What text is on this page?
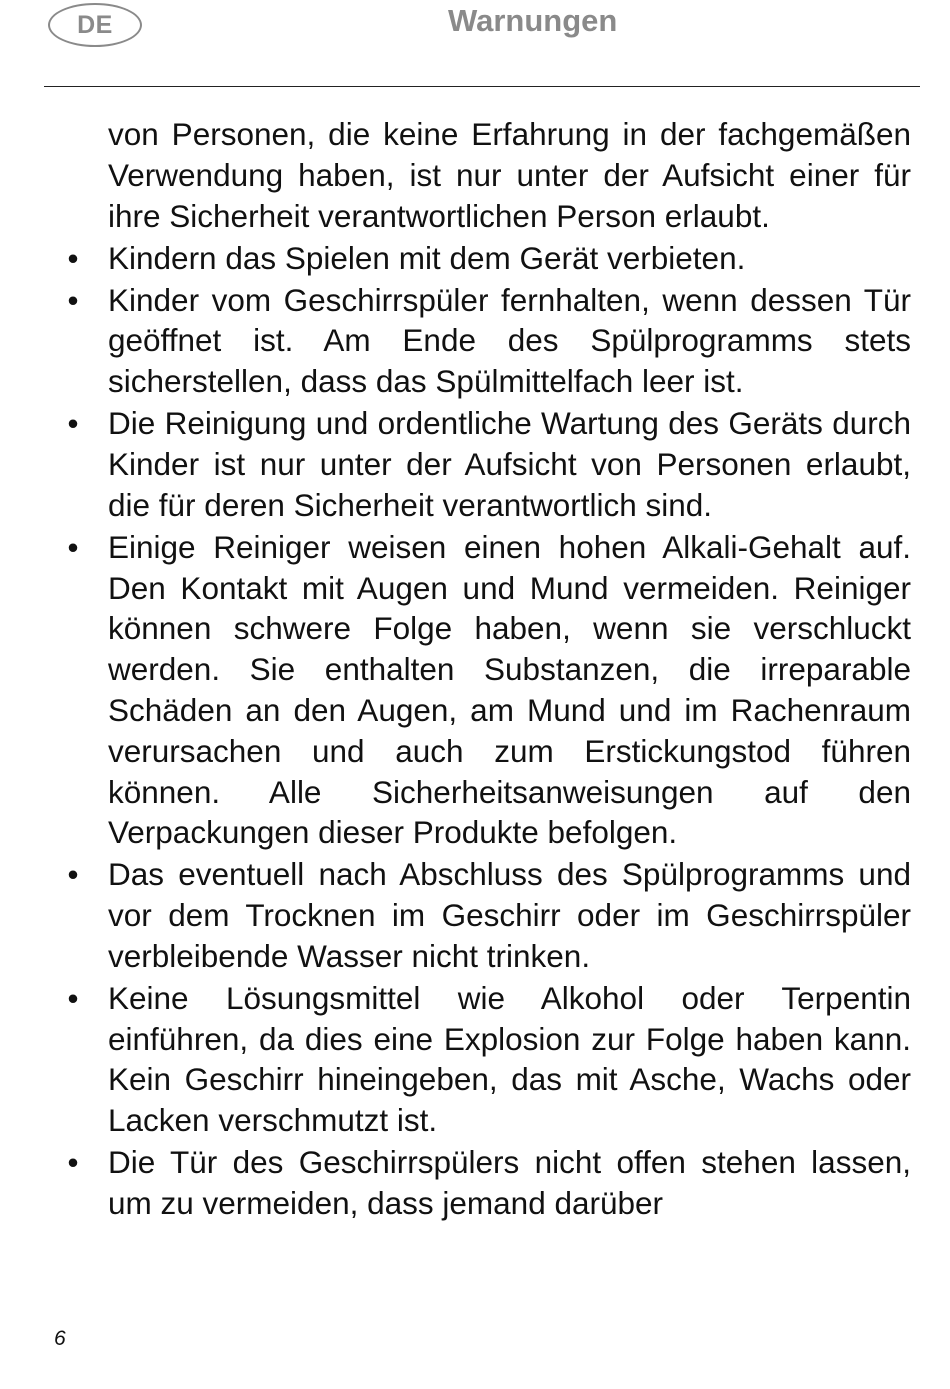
DE	Warnungen

von Personen, die keine Erfahrung in der fachgemäßen Verwendung haben, ist nur unter der Aufsicht einer für ihre Sicherheit verantwortlichen Person erlaubt.

• Kindern das Spielen mit dem Gerät verbieten.
• Kinder vom Geschirrspüler fernhalten, wenn dessen Tür geöffnet ist. Am Ende des Spülprogramms stets sicherstellen, dass das Spülmittelfach leer ist.
• Die Reinigung und ordentliche Wartung des Geräts durch Kinder ist nur unter der Aufsicht von Personen erlaubt, die für deren Sicherheit verantwortlich sind.
• Einige Reiniger weisen einen hohen Alkali-Gehalt auf. Den Kontakt mit Augen und Mund vermeiden. Reiniger können schwere Folge haben, wenn sie verschluckt werden. Sie enthalten Substanzen, die irreparable Schäden an den Augen, am Mund und im Rachenraum verursachen und auch zum Erstickungstod führen können. Alle Sicherheitsanweisungen auf den Verpackungen dieser Produkte befolgen.
• Das eventuell nach Abschluss des Spülprogramms und vor dem Trocknen im Geschirr oder im Geschirrspüler verbleibende Wasser nicht trinken.
• Keine Lösungsmittel wie Alkohol oder Terpentin einführen, da dies eine Explosion zur Folge haben kann. Kein Geschirr hineingeben, das mit Asche, Wachs oder Lacken verschmutzt ist.
• Die Tür des Geschirrspülers nicht offen stehen lassen, um zu vermeiden, dass jemand darüber
6
